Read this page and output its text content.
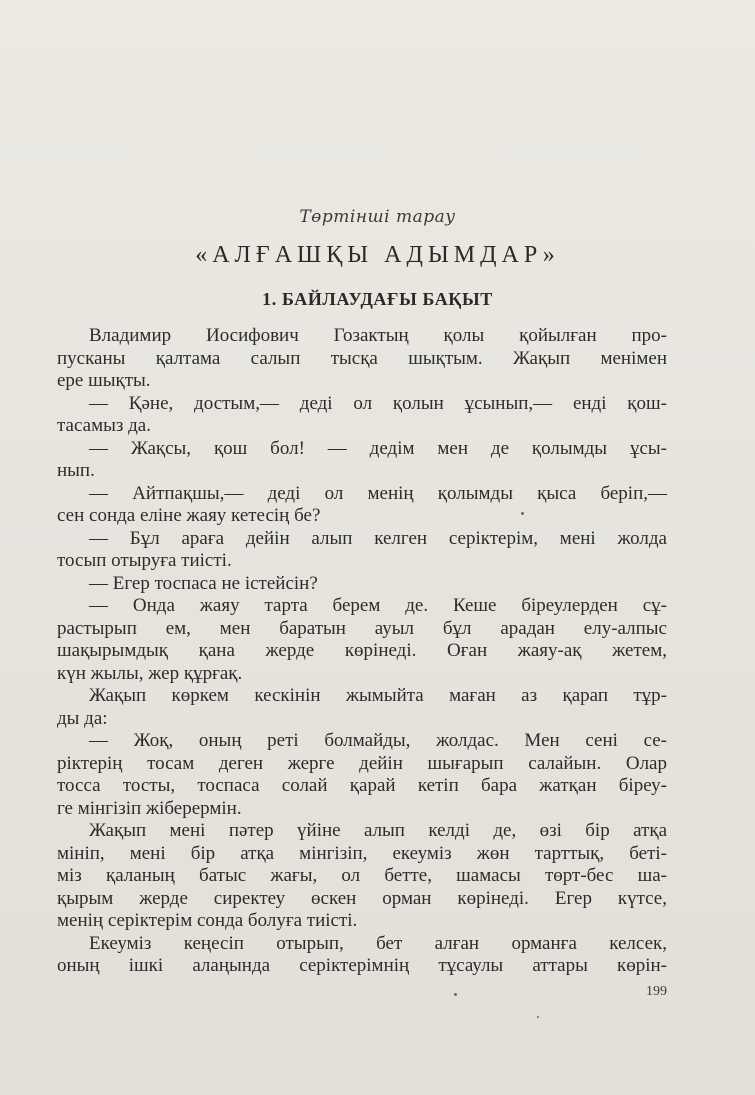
Төртінші тарау
«АЛҒАШҚЫ АДЫМДАР»
1. БАЙЛАУДАҒЫ БАҚЫТ
Владимир Иосифович Гозактың қолы қойылған про-
пусканы қалтама салып тысқа шықтым. Жақып менімен
ере шықты.
— Қәне, достым,— деді ол қолын ұсынып,— енді қош-
тасамыз да.
— Жақсы, қош бол! — дедім мен де қолымды ұсы-
нып.
— Айтпақшы,— деді ол менің қолымды қыса беріп,—
сен сонда еліне жаяу кетесің бе?
— Бұл араға дейін алып келген серіктерім, мені жолда
тосып отыруға тиісті.
— Егер тоспаса не істейсін?
— Онда жаяу тарта берем де. Кеше біреулерден сұ-
растырып ем, мен баратын ауыл бұл арадан елу-алпыс
шақырымдық қана жерде көрінеді. Оған жаяу-ақ жетем,
күн жылы, жер құрғақ.
Жақып көркем кескінін жымыйта маған аз қарап тұр-
ды да:
— Жоқ, оның реті болмайды, жолдас. Мен сені се-
ріктерің тосам деген жерге дейін шығарып салайын. Олар
тосса тосты, тоспаса солай қарай кетіп бара жатқан біреу-
ге мінгізіп жіберермін.
Жақып мені пәтер үйіне алып келді де, өзі бір атқа
мініп, мені бір атқа мінгізіп, екеуміз жөн тарттық, беті-
міз қаланың батыс жағы, ол бетте, шамасы төрт-бес ша-
қырым жерде сиректеу өскен орман көрінеді. Егер күтсе,
менің серіктерім сонда болуға тиісті.
Екеуміз кеңесіп отырып, бет алған орманға келсек,
оның ішкі алаңында серіктерімнің тұсаулы аттары көрін-
199
